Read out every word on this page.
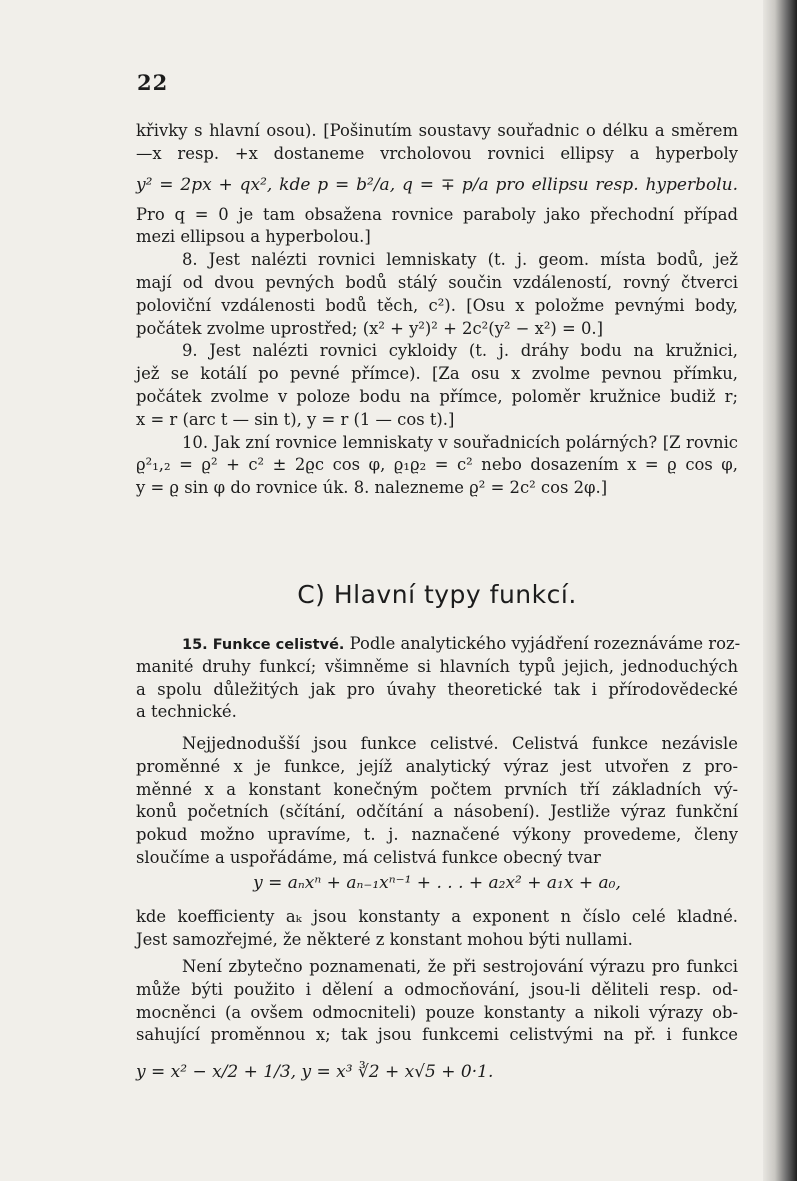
22
křivky s hlavní osou). [Pošinutím soustavy souřadnic o délku a směrem
—x resp. +x dostaneme vrcholovou rovnici ellipsy a hyperboly
y² = 2px + qx², kde p = b²/a, q = ∓ p/a pro ellipsu resp. hyperbolu.
Pro q = 0 je tam obsažena rovnice paraboly jako přechodní případ
mezi ellipsou a hyperbolou.]
8. Jest nalézti rovnici lemniskaty (t. j. geom. místa bodů, jež
mají od dvou pevných bodů stálý součin vzdáleností, rovný čtverci
poloviční vzdálenosti bodů těch, c²). [Osu x položme pevnými body,
počátek zvolme uprostřed; (x² + y²)² + 2c²(y² − x²) = 0.]
9. Jest nalézti rovnici cykloidy (t. j. dráhy bodu na kružnici,
jež se kotálí po pevné přímce). [Za osu x zvolme pevnou přímku,
počátek zvolme v poloze bodu na přímce, poloměr kružnice budiž r;
x = r (arc t — sin t), y = r (1 — cos t).]
10. Jak zní rovnice lemniskaty v souřadnicích polárných? [Z rovnic
ϱ²₁,₂ = ϱ² + c² ± 2ϱc cos φ, ϱ₁ϱ₂ = c² nebo dosazením x = ϱ cos φ,
y = ϱ sin φ do rovnice úk. 8. nalezneme ϱ² = 2c² cos 2φ.]
C) Hlavní typy funkcí.
15. Funkce celistvé. Podle analytického vyjádření rozeznáváme roz-
manité druhy funkcí; všimněme si hlavních typů jejich, jednoduchých
a spolu důležitých jak pro úvahy theoretické tak i přírodovědecké
a technické.
Nejjednodušší jsou funkce celistvé. Celistvá funkce nezávisle
proměnné x je funkce, jejíž analytický výraz jest utvořen z pro-
měnné x a konstant konečným počtem prvních tří základních vý-
konů početních (sčítání, odčítání a násobení). Jestliže výraz funkční
pokud možno upravíme, t. j. naznačené výkony provedeme, členy
sloučíme a uspořádáme, má celistvá funkce obecný tvar
y = aₙxⁿ + aₙ₋₁xⁿ⁻¹ + . . . + a₂x² + a₁x + a₀,
kde koefficienty aₖ jsou konstanty a exponent n číslo celé kladné.
Jest samozřejmé, že některé z konstant mohou býti nullami.
Není zbytečno poznamenati, že při sestrojování výrazu pro funkci
může býti použito i dělení a odmocňování, jsou-li děliteli resp. od-
mocněnci (a ovšem odmocniteli) pouze konstanty a nikoli výrazy ob-
sahující proměnnou x; tak jsou funkcemi celistvými na př. i funkce
y = x² − x/2 + 1/3, y = x³ ∛2 + x√5 + 0·1.
